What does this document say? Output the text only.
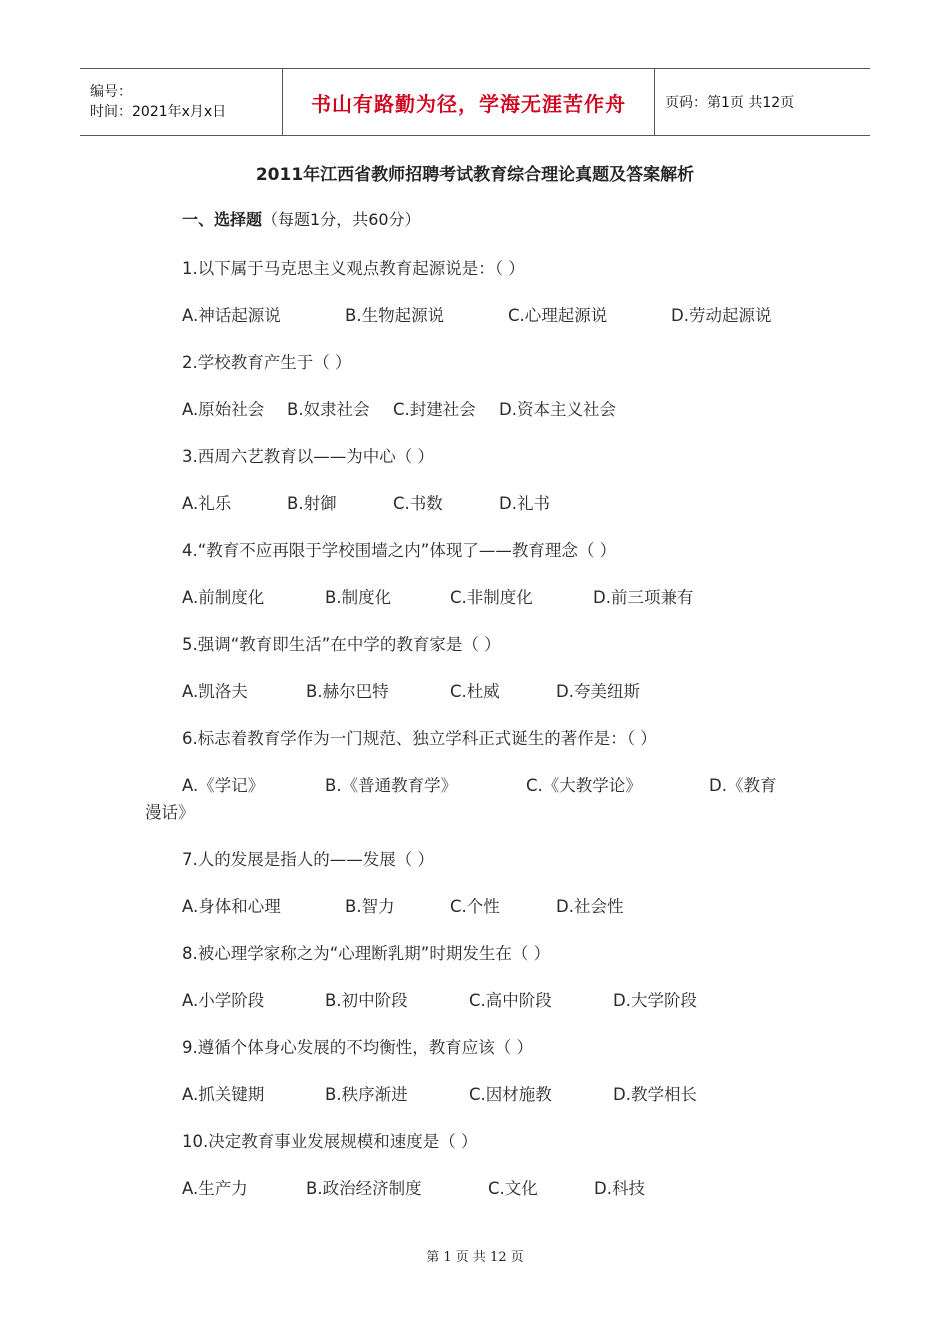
编号：
时间：2021年x月x日	书山有路勤为径，学海无涯苦作舟	页码：第1页 共12页
2011年江西省教师招聘考试教育综合理论真题及答案解析
一、选择题（每题1分，共60分）
1.以下属于马克思主义观点教育起源说是：（ ）
A.神话起源说	B.生物起源说	C.心理起源说	D.劳动起源说
2.学校教育产生于（ ）
A.原始社会 B.奴隶社会 C.封建社会 D.资本主义社会
3.西周六艺教育以——为中心（ ）
A.礼乐	B.射御	C.书数	D.礼书
4.“教育不应再限于学校围墙之内”体现了——教育理念（ ）
A.前制度化	B.制度化	C.非制度化	D.前三项兼有
5.强调“教育即生活”在中学的教育家是（ ）
A.凯洛夫	B.赫尔巴特	C.杜威	D.夸美纽斯
6.标志着教育学作为一门规范、独立学科正式诞生的著作是：（ ）
A.《学记》	B.《普通教育学》	C.《大教学论》	D.《教育
漫话》
7.人的发展是指人的——发展（ ）
A.身体和心理	B.智力	C.个性	D.社会性
8.被心理学家称之为“心理断乳期”时期发生在（ ）
A.小学阶段	B.初中阶段	C.高中阶段	D.大学阶段
9.遵循个体身心发展的不均衡性，教育应该（ ）
A.抓关键期	B.秩序渐进	C.因材施教	D.教学相长
10.决定教育事业发展规模和速度是（ ）
A.生产力	B.政治经济制度	C.文化	D.科技
第 1 页 共 12 页
